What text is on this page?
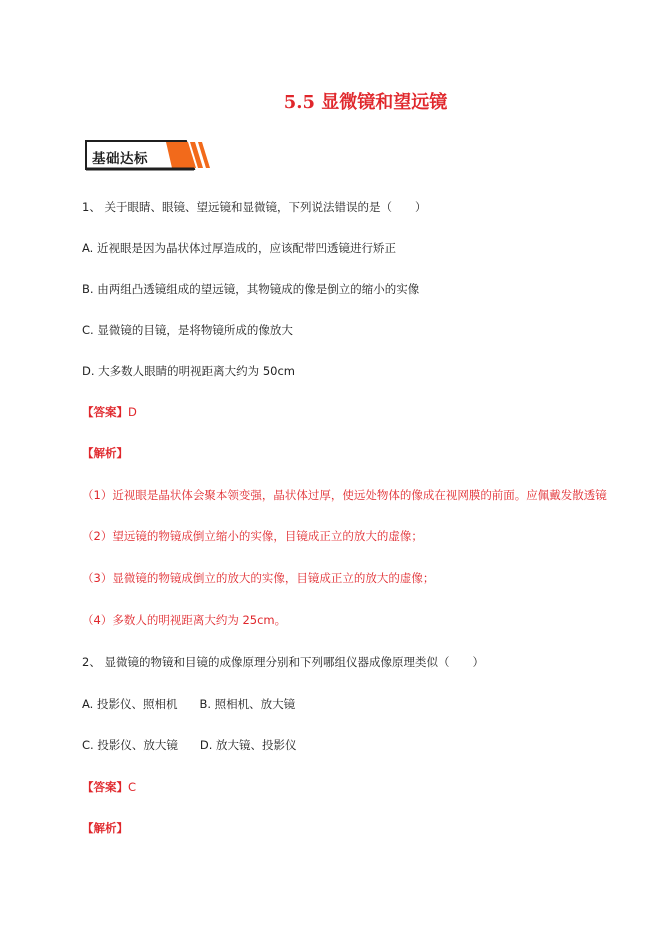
5.5 显微镜和望远镜
基础达标
1、 关于眼睛、眼镜、望远镜和显微镜，下列说法错误的是（　　）
A. 近视眼是因为晶状体过厚造成的，应该配带凹透镜进行矫正
B. 由两组凸透镜组成的望远镜，其物镜成的像是倒立的缩小的实像
C. 显微镜的目镜，是将物镜所成的像放大
D. 大多数人眼睛的明视距离大约为 50cm
【答案】D
【解析】
（1）近视眼是晶状体会聚本领变强，晶状体过厚，使远处物体的像成在视网膜的前面。应佩戴发散透镜
（2）望远镜的物镜成倒立缩小的实像，目镜成正立的放大的虚像；
（3）显微镜的物镜成倒立的放大的实像，目镜成正立的放大的虚像；
（4）多数人的明视距离大约为 25cm。
2、 显微镜的物镜和目镜的成像原理分别和下列哪组仪器成像原理类似（　　）
A. 投影仪、照相机 B. 照相机、放大镜
C. 投影仪、放大镜 D. 放大镜、投影仪
【答案】C
【解析】
